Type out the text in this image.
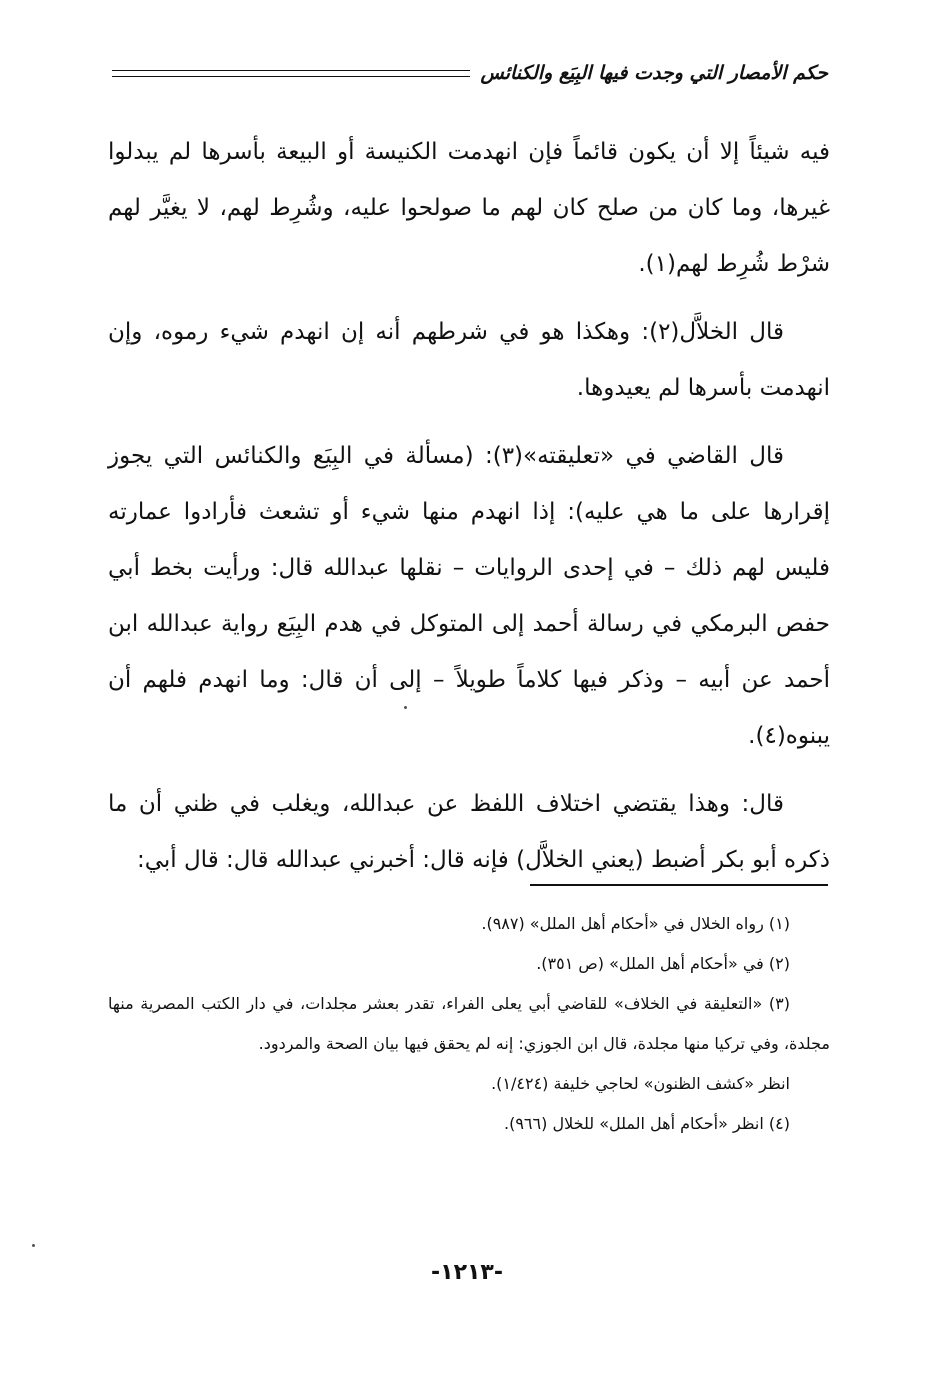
حكم الأمصار التي وجدت فيها البِيَع والكنائس

فيه شيئاً إلا أن يكون قائماً فإن انهدمت الكنيسة أو البيعة بأسرها لم يبدلوا غيرها، وما كان من صلح كان لهم ما صولحوا عليه، وشُرِط لهم، لا يغيَّر لهم شرْط شُرِط لهم(١).

قال الخلاَّل(٢): وهكذا هو في شرطهم أنه إن انهدم شيء رموه، وإن انهدمت بأسرها لم يعيدوها.

قال القاضي في «تعليقته»(٣): (مسألة في البِيَع والكنائس التي يجوز إقرارها على ما هي عليه): إذا انهدم منها شيء أو تشعث فأرادوا عمارته فليس لهم ذلك – في إحدى الروايات – نقلها عبدالله قال: ورأيت بخط أبي حفص البرمكي في رسالة أحمد إلى المتوكل في هدم البِيَع رواية عبدالله ابن أحمد عن أبيه – وذكر فيها كلاماً طويلاً – إلى أن قال: وما انهدم فلهم أن يبنوه(٤).

قال: وهذا يقتضي اختلاف اللفظ عن عبدالله، ويغلب في ظني أن ما ذكره أبو بكر أضبط (يعني الخلاَّل) فإنه قال: أخبرني عبدالله قال: قال أبي:

(١) رواه الخلال في «أحكام أهل الملل» (٩٨٧).

(٢) في «أحكام أهل الملل» (ص ٣٥١).

(٣) «التعليقة في الخلاف» للقاضي أبي يعلى الفراء، تقدر بعشر مجلدات، في دار الكتب المصرية منها مجلدة، وفي تركيا منها مجلدة، قال ابن الجوزي: إنه لم يحقق فيها بيان الصحة والمردود.

انظر «كشف الظنون» لحاجي خليفة (١/٤٢٤).

(٤) انظر «أحكام أهل الملل» للخلال (٩٦٦).

-١٢١٣-
